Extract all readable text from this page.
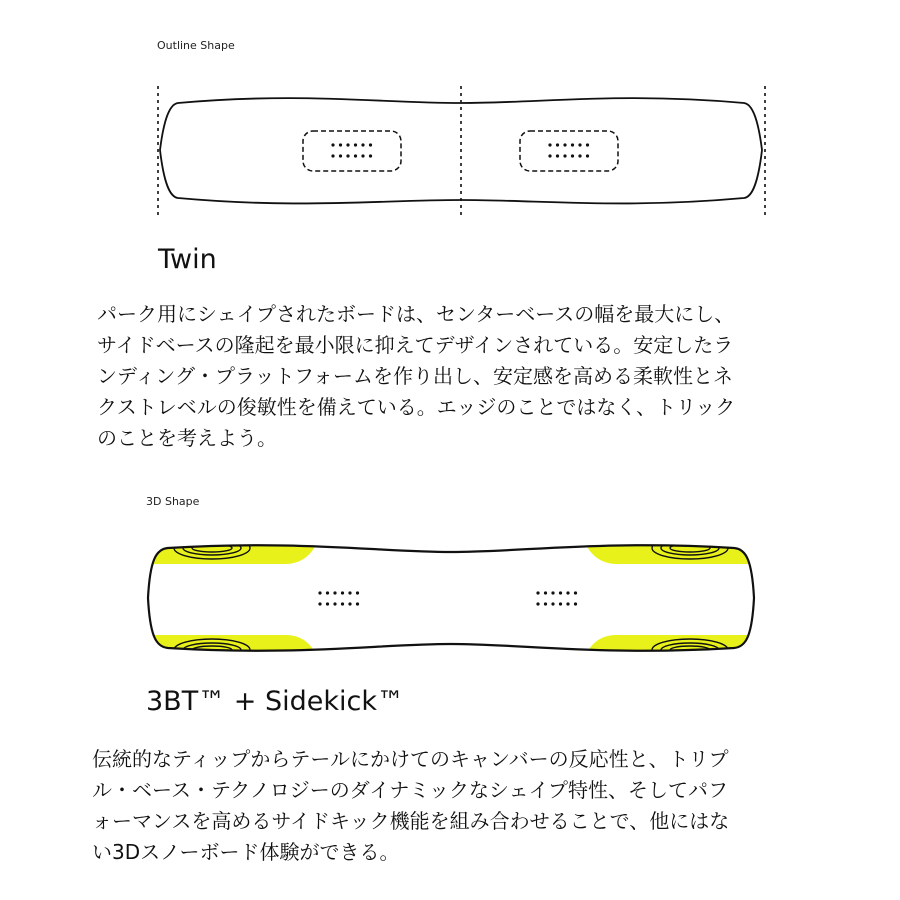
Outline Shape
Twin
パーク用にシェイプされたボードは、センターベースの幅を最大にし、
サイドベースの隆起を最小限に抑えてデザインされている。安定したラ
ンディング・プラットフォームを作り出し、安定感を高める柔軟性とネ
クストレベルの俊敏性を備えている。エッジのことではなく、トリック
のことを考えよう。
3D Shape
3BT™ + Sidekick™
伝統的なティップからテールにかけてのキャンバーの反応性と、トリプ
ル・ベース・テクノロジーのダイナミックなシェイプ特性、そしてパフ
ォーマンスを高めるサイドキック機能を組み合わせることで、他にはな
い3Dスノーボード体験ができる。
